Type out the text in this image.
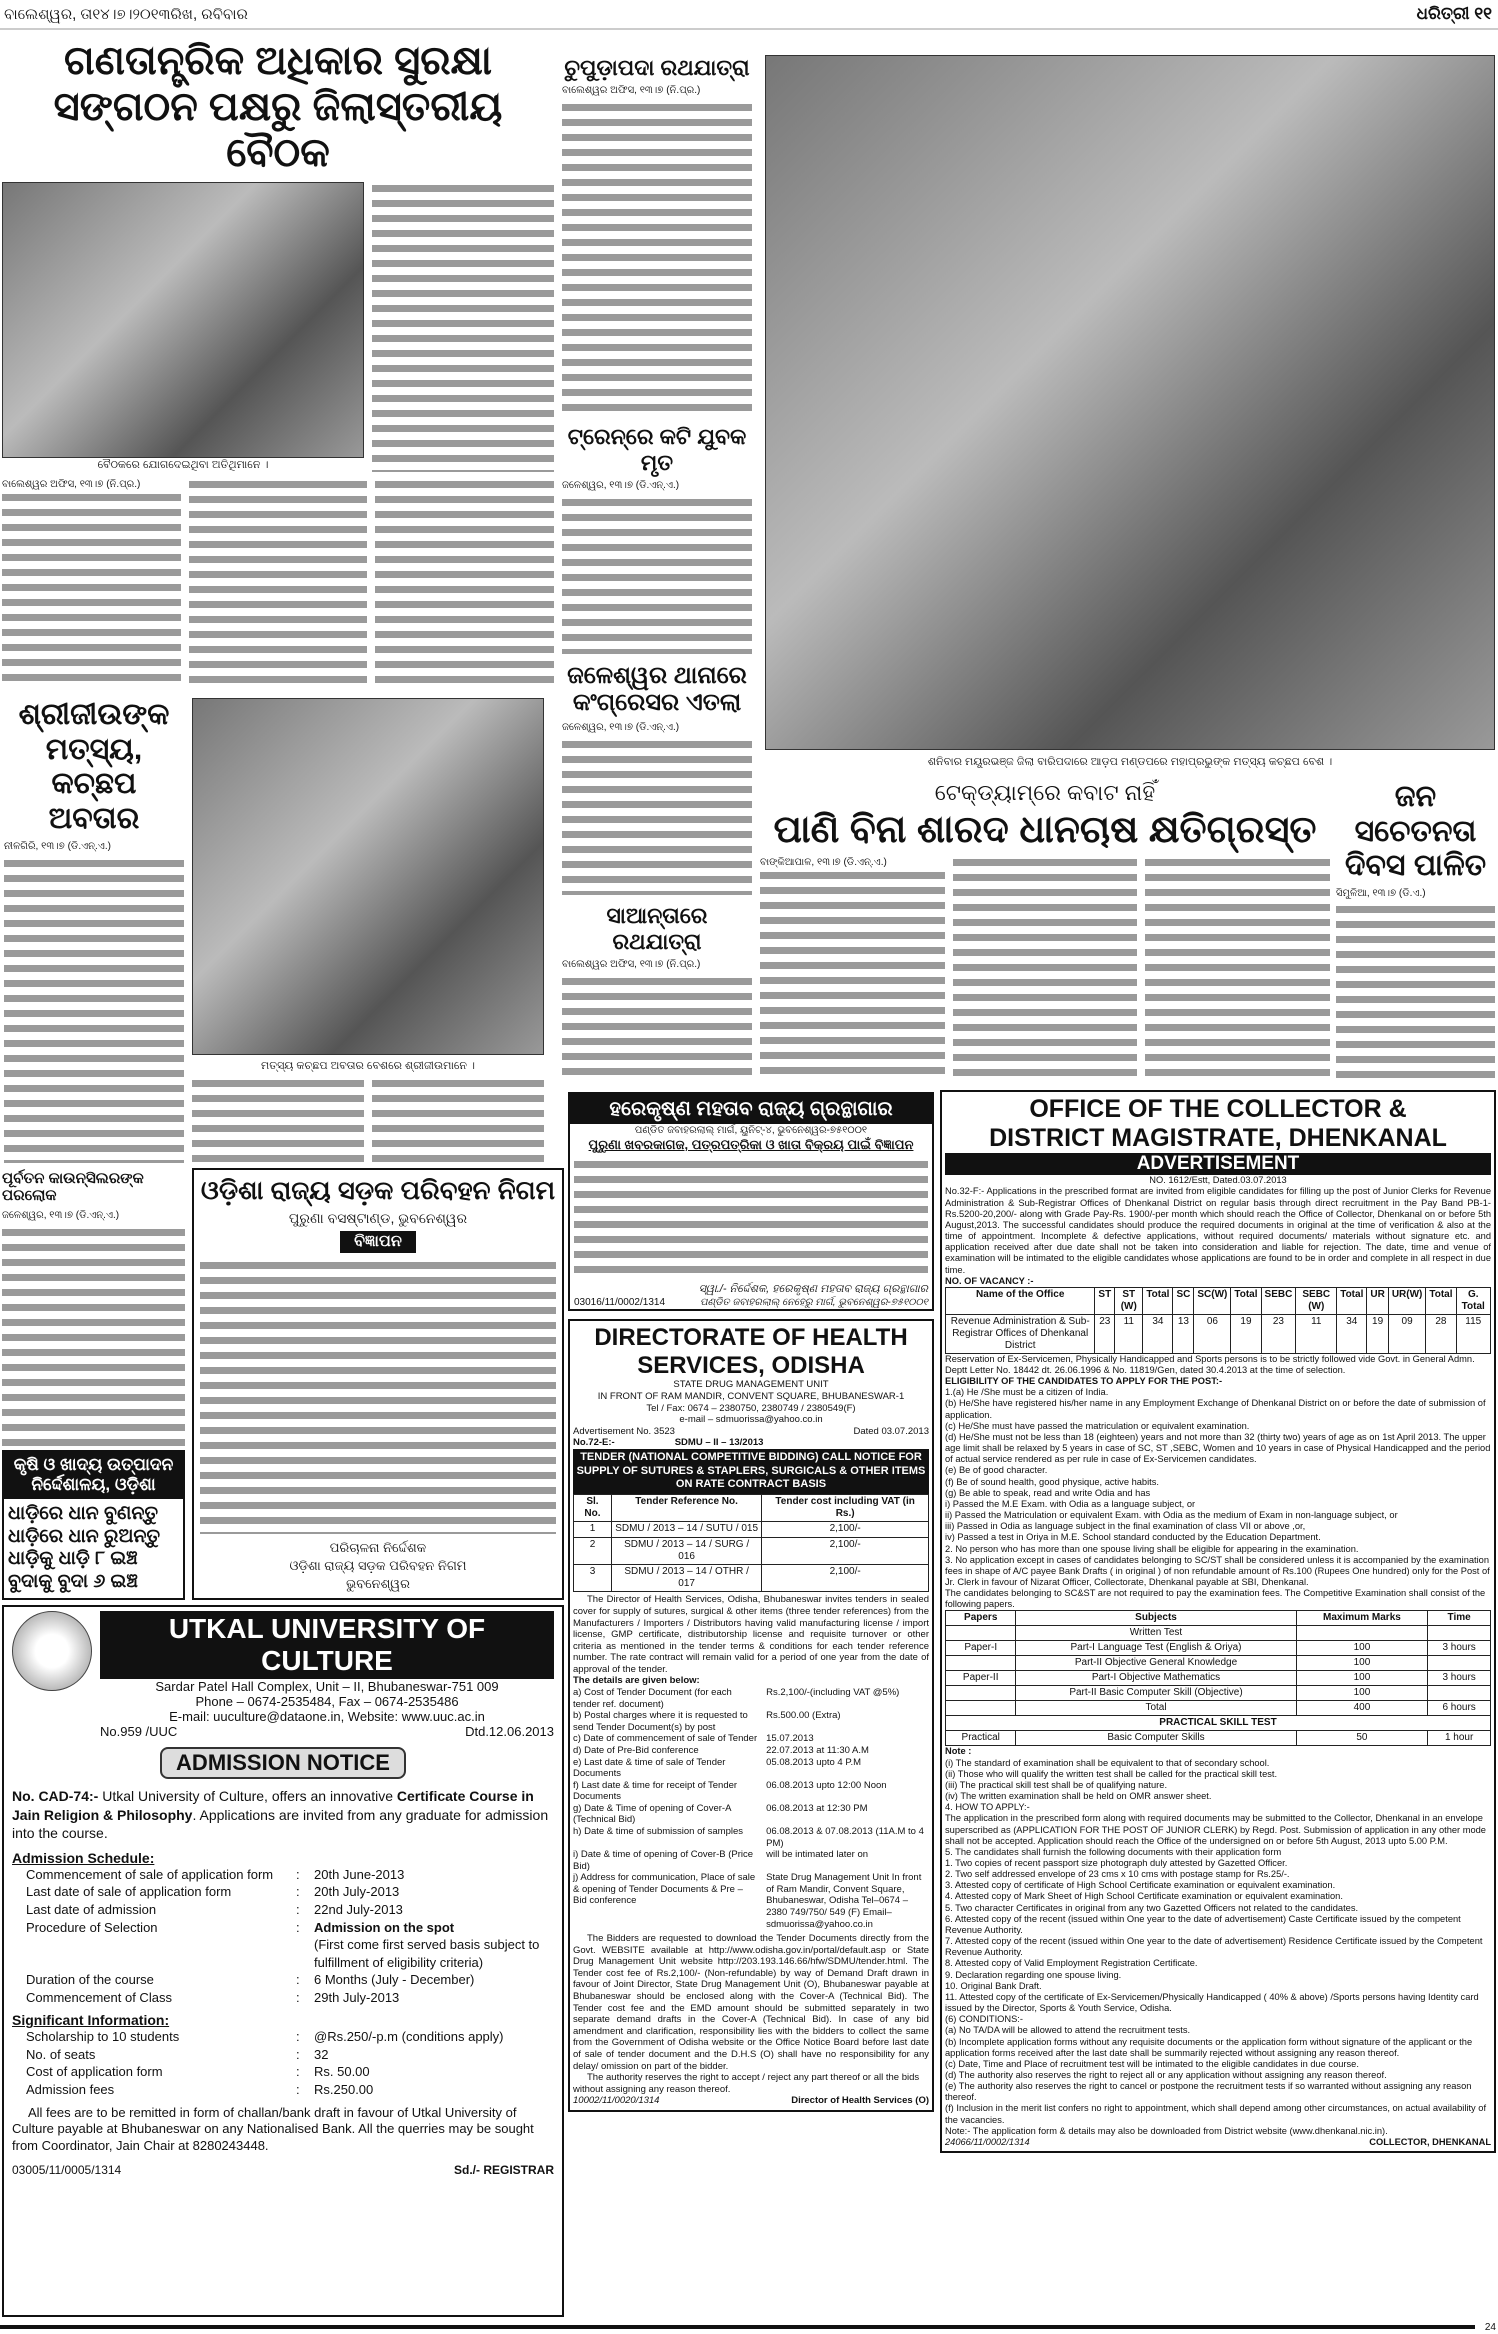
ବାଲେଶ୍ୱର, ତା୧୪।୭।୨୦୧୩ରିଖ, ରବିବାର	ଧରିତ୍ରୀ ୧୧
ଗଣତାନ୍ତ୍ରିକ ଅଧିକାର ସୁରକ୍ଷା ସଙ୍ଗଠନ ପକ୍ଷରୁ ଜିଲାସ୍ତରୀୟ ବୈଠକ
ବୈଠକରେ ଯୋଗଦେଇଥିବା ଅତିଥିମାନେ ।
ବାଲେଶ୍ୱର ଅଫିସ, ୧୩।୭ (ନି.ପ୍ର.)
ଶ୍ରୀଜୀଉଙ୍କ ମତ୍ସ୍ୟ, କଚ୍ଛପ ଅବତାର
ନୀଳଗିରି, ୧୩।୭ (ଡି.ଏନ୍.ଏ.)
ମତ୍ସ୍ୟ କଚ୍ଛପ ଅବତାର ବେଶରେ ଶ୍ରୀଜୀଉମାନେ ।
ଚୁପୁଡ଼ାପଦା ରଥଯାତ୍ରା
ବାଲେଶ୍ୱର ଅଫିସ, ୧୩।୭ (ନି.ପ୍ର.)
ଟ୍ରେନ୍‌ରେ କଟି ଯୁବକ ମୃତ
ଜଳେଶ୍ୱର, ୧୩।୭ (ଡି.ଏନ୍.ଏ.)
ଜଳେଶ୍ୱର ଥାନାରେ କଂଗ୍ରେସର ଏତଲା
ଜଳେଶ୍ୱର, ୧୩।୭ (ଡି.ଏନ୍.ଏ.)
ସାଆନ୍ତାରେ ରଥଯାତ୍ରା
ବାଲେଶ୍ୱର ଅଫିସ, ୧୩।୭ (ନି.ପ୍ର.)
ଶନିବାର ମୟୂରଭଞ୍ଜ ଜିଲା ବାରିପଦାରେ ଆଡ଼ପ ମଣ୍ଡପରେ ମହାପ୍ରଭୁଙ୍କ ମତ୍ସ୍ୟ କଚ୍ଛପ ବେଶ ।
ଟେକ୍‌ଡ୍ୟାମ୍‌ରେ କବାଟ ନାହିଁ
ପାଣି ବିନା ଶାରଦ ଧାନଚାଷ କ୍ଷତିଗ୍ରସ୍ତ
ବାଙ୍କିଆପାଳ, ୧୩।୭ (ଡି.ଏନ୍.ଏ.)
ଜନ ସଚେତନତା ଦିବସ ପାଳିତ
ସିମୁଳିଆ, ୧୩।୭ (ଡି.ଏ.)
ପୂର୍ବତନ କାଉନ୍‌ସିଲରଙ୍କ ପରଲୋକ
ଜଳେଶ୍ୱର, ୧୩।୭ (ଡି.ଏନ୍.ଏ.)
କୃଷି ଓ ଖାଦ୍ୟ ଉତ୍ପାଦନ ନିର୍ଦ୍ଦେଶାଳୟ, ଓଡ଼ିଶା
ଧାଡ଼ିରେ ଧାନ ବୁଣନ୍ତୁ ଧାଡ଼ିରେ ଧାନ ରୁଅନ୍ତୁ ଧାଡ଼ିକୁ ଧାଡ଼ି ୮ ଇଞ୍ଚ ବୁଦାକୁ ବୁଦା ୬ ଇଞ୍ଚ
ଓଡ଼ିଶା ରାଜ୍ୟ ସଡ଼କ ପରିବହନ ନିଗମ
ପୁରୁଣା ବସଷ୍ଟାଣ୍ଡ, ଭୁବନେଶ୍ୱର
ବିଜ୍ଞାପନ
ପରିଚାଳନା ନିର୍ଦ୍ଦେଶକ
ଓଡ଼ିଶା ରାଜ୍ୟ ସଡ଼କ ପରିବହନ ନିଗମ
ଭୁବନେଶ୍ୱର
UTKAL UNIVERSITY OF CULTURE
Sardar Patel Hall Complex, Unit – II, Bhubaneswar-751 009
Phone – 0674-2535484, Fax – 0674-2535486
E-mail: uuculture@dataone.in, Website: www.uuc.ac.in
No.959 /UUC	Dtd.12.06.2013
ADMISSION NOTICE
No. CAD-74:- Utkal University of Culture, offers an innovative Certificate Course in Jain Religion & Philosophy. Applications are invited from any graduate for admission into the course.
Admission Schedule:
Commencement of sale of application form	:	20th June-2013
Last date of sale of application form	:	20th July-2013
Last date of admission	:	22nd July-2013
Procedure of Selection	:	Admission on the spot
(First come first served basis subject to fulfillment of eligibility criteria)
Duration of the course	:	6 Months (July - December)
Commencement of Class	:	29th July-2013
Significant Information:
Scholarship to 10 students	:	@Rs.250/-p.m (conditions apply)
No. of seats	:	32
Cost of application form	:	Rs. 50.00
Admission fees	:	Rs.250.00
All fees are to be remitted in form of challan/bank draft in favour of Utkal University of Culture payable at Bhubaneswar on any Nationalised Bank. All the querries may be sought from Coordinator, Jain Chair at 8280243448.
03005/11/0005/1314	Sd./- REGISTRAR
ହରେକୃଷ୍ଣ ମହତାବ ରାଜ୍ୟ ଗ୍ରନ୍ଥାଗାର
ପଣ୍ଡିତ ଜବାହରଲାଲ୍ ମାର୍ଗ, ୟୁନିଟ୍-୪, ଭୁବନେଶ୍ୱର-୭୫୧୦୦୧
ପୁରୁଣା ଖବରକାଗଜ, ପତ୍ରପତ୍ରିକା ଓ ଖାତା ବିକ୍ରୟ ପାଇଁ ବିଜ୍ଞାପନ
ସ୍ୱା./- ନିର୍ଦ୍ଦେଶକ, ହରେକୃଷ୍ଣ ମହତାବ ରାଜ୍ୟ ଗ୍ରନ୍ଥାଗାର
03016/11/0002/1314	ପଣ୍ଡିତ ଜବାହରଲାଲ୍ ନେହେରୁ ମାର୍ଗ, ଭୁବନେଶ୍ୱର-୭୫୧୦୦୧
DIRECTORATE OF HEALTH SERVICES, ODISHA
STATE DRUG MANAGEMENT UNIT
IN FRONT OF RAM MANDIR, CONVENT SQUARE, BHUBANESWAR-1
Tel / Fax: 0674 – 2380750, 2380749 / 2380549(F)
e-mail – sdmuorissa@yahoo.co.in
Advertisement No. 3523	Dated 03.07.2013
No.72-E:-	SDMU – II – 13/2013
TENDER (NATIONAL COMPETITIVE BIDDING) CALL NOTICE FOR SUPPLY OF SUTURES & STAPLERS, SURGICALS & OTHER ITEMS ON RATE CONTRACT BASIS
Sl. No.	Tender Reference No.	Tender cost including VAT (in Rs.)
1	SDMU / 2013 – 14 / SUTU / 015	2,100/-
2	SDMU / 2013 – 14 / SURG / 016	2,100/-
3	SDMU / 2013 – 14 / OTHR / 017	2,100/-
The Director of Health Services, Odisha, Bhubaneswar invites tenders in sealed cover for supply of sutures, surgical & other items (three tender references) from the Manufacturers / Importers / Distributors having valid manufacturing license / import license, GMP certificate, distributorship license and requisite turnover or other criteria as mentioned in the tender terms & conditions for each tender reference number. The rate contract will remain valid for a period of one year from the date of approval of the tender.
The details are given below:
a) Cost of Tender Document (for each tender ref. document)
Rs.2,100/-(including VAT @5%)
b) Postal charges where it is requested to send Tender Document(s) by post
Rs.500.00 (Extra)
c) Date of commencement of sale of Tender 15.07.2013
d) Date of Pre-Bid conference	22.07.2013 at 11:30 A.M
e) Last date & time of sale of Tender Documents
05.08.2013 upto 4 P.M
f) Last date & time for receipt of Tender Documents
06.08.2013 upto 12:00 Noon
g) Date & Time of opening of Cover-A (Technical Bid)
06.08.2013 at 12:30 PM
h) Date & time of submission of samples	06.08.2013 & 07.08.2013 (11A.M to 4 PM)
i) Date & time of opening of Cover-B (Price Bid)
will be intimated later on
j) Address for communication, Place of sale & opening of Tender Documents & Pre – Bid conference
State Drug Management Unit In front of Ram Mandir, Convent Square, Bhubaneswar, Odisha Tel–0674 – 2380 749/750/ 549 (F) Email– sdmuorissa@yahoo.co.in
The Bidders are requested to download the Tender Documents directly from the Govt. WEBSITE available at http://www.odisha.gov.in/portal/default.asp or State Drug Management Unit website http://203.193.146.66/hfw/SDMU/tender.html. The Tender cost fee of Rs.2,100/- (Non-refundable) by way of Demand Draft drawn in favour of Joint Director, State Drug Management Unit (O), Bhubaneswar payable at Bhubaneswar should be enclosed along with the Cover-A (Technical Bid). The Tender cost fee and the EMD amount should be submitted separately in two separate demand drafts in the Cover-A (Technical Bid). In case of any bid amendment and clarification, responsibility lies with the bidders to collect the same from the Government of Odisha website or the Office Notice Board before last date of sale of tender document and the D.H.S (O) shall have no responsibility for any delay/ omission on part of the bidder.
The authority reserves the right to accept / reject any part thereof or all the bids without assigning any reason thereof.
10002/11/0020/1314	Director of Health Services (O)
OFFICE OF THE COLLECTOR &
DISTRICT MAGISTRATE, DHENKANAL
ADVERTISEMENT
NO. 1612/Estt, Dated.03.07.2013
No.32-F:- Applications in the prescribed format are invited from eligible candidates for filling up the post of Junior Clerks for Revenue Administration & Sub-Registrar Offices of Dhenkanal District on regular basis through direct recruitment in the Pay Band PB-1-Rs.5200-20,200/- along with Grade Pay-Rs. 1900/-per month which should reach the Office of Collector, Dhenkanal on or before 5th August,2013. The successful candidates should produce the required documents in original at the time of verification & also at the time of appointment. Incomplete & defective applications, without required documents/ materials without signature etc. and application received after due date shall not be taken into consideration and liable for rejection. The date, time and venue of examination will be intimated to the eligible candidates whose applications are found to be in order and complete in all respect in due time.
NO. OF VACANCY :-
Name of the Office	ST	ST (W)	Total	SC	SC(W)	Total	SEBC	SEBC (W)	Total	UR	UR(W)	Total	G. Total
Revenue Administration & Sub-Registrar Offices of Dhenkanal District	23	11	34	13	06	19	23	11	34	19	09	28	115
Reservation of Ex-Servicemen, Physically Handicapped and Sports persons is to be strictly followed vide Govt. in General Admn. Deptt Letter No. 18442 dt. 26.06.1996 & No. 11819/Gen, dated 30.4.2013 at the time of selection.
ELIGIBILITY OF THE CANDIDATES TO APPLY FOR THE POST:-
1.(a) He /She must be a citizen of India.
(b) He/She have registered his/her name in any Employment Exchange of Dhenkanal District on or before the date of submission of application.
(c) He/She must have passed the matriculation or equivalent examination.
(d) He/She must not be less than 18 (eighteen) years and not more than 32 (thirty two) years of age as on 1st April 2013. The upper age limit shall be relaxed by 5 years in case of SC, ST ,SEBC, Women and 10 years in case of Physical Handicapped and the period of actual service rendered as per rule in case of Ex-Servicemen candidates.
(e) Be of good character.
(f) Be of sound health, good physique, active habits.
(g) Be able to speak, read and write Odia and has
i) Passed the M.E Exam. with Odia as a language subject, or
ii) Passed the Matriculation or equivalent Exam. with Odia as the medium of Exam in non-language subject, or
iii) Passed in Odia as language subject in the final examination of class VII or above ,or,
iv) Passed a test in Oriya in M.E. School standard conducted by the Education Department.
2. No person who has more than one spouse living shall be eligible for appearing in the examination.
3. No application except in cases of candidates belonging to SC/ST shall be considered unless it is accompanied by the examination fees in shape of A/C payee Bank Drafts ( in original ) of non refundable amount of Rs.100 (Rupees One hundred) only for the Post of Jr. Clerk in favour of Nizarat Officer, Collectorate, Dhenkanal payable at SBI, Dhenkanal.
The candidates belonging to SC&ST are not required to pay the examination fees. The Competitive Examination shall consist of the following papers.
Papers	Subjects	Maximum Marks	Time
	Written Test		
Paper-I	Part-I Language Test (English & Oriya)	100	3 hours
	Part-II Objective General Knowledge	100	
Paper-II	Part-I Objective Mathematics	100	3 hours
	Part-II Basic Computer Skill (Objective)	100	
	Total	400	6 hours
PRACTICAL SKILL TEST			
Practical	Basic Computer Skills	50	1 hour
Note :
(i) The standard of examination shall be equivalent to that of secondary school.
(ii) Those who will qualify the written test shall be called for the practical skill test.
(iii) The practical skill test shall be of qualifying nature.
(iv) The written examination shall be held on OMR answer sheet.
4. HOW TO APPLY:-
The application in the prescribed form along with required documents may be submitted to the Collector, Dhenkanal in an envelope superscribed as (APPLICATION FOR THE POST OF JUNIOR CLERK) by Regd. Post. Submission of application in any other mode shall not be accepted. Application should reach the Office of the undersigned on or before 5th August, 2013 upto 5.00 P.M.
5. The candidates shall furnish the following documents with their application form
1. Two copies of recent passport size photograph duly attested by Gazetted Officer.
2. Two self addressed envelope of 23 cms x 10 cms with postage stamp for Rs.25/-.
3. Attested copy of certificate of High School Certificate examination or equivalent examination.
4. Attested copy of Mark Sheet of High School Certificate examination or equivalent examination.
5. Two character Certificates in original from any two Gazetted Officers not related to the candidates.
6. Attested copy of the recent (issued within One year to the date of advertisement) Caste Certificate issued by the competent Revenue Authority.
7. Attested copy of the recent (issued within One year to the date of advertisement) Residence Certificate issued by the Competent Revenue Authority.
8. Attested copy of Valid Employment Registration Certificate.
9. Declaration regarding one spouse living.
10. Original Bank Draft.
11. Attested copy of the certificate of Ex-Servicemen/Physically Handicapped ( 40% & above) /Sports persons having Identity card issued by the Director, Sports & Youth Service, Odisha.
(6) CONDITIONS:-
(a) No TA/DA will be allowed to attend the recruitment tests.
(b) Incomplete application forms without any requisite documents or the application form without signature of the applicant or the application forms received after the last date shall be summarily rejected without assigning any reason thereof.
(c) Date, Time and Place of recruitment test will be intimated to the eligible candidates in due course.
(d) The authority also reserves the right to reject all or any application without assigning any reason thereof.
(e) The authority also reserves the right to cancel or postpone the recruitment tests if so warranted without assigning any reason thereof.
(f) Inclusion in the merit list confers no right to appointment, which shall depend among other circumstances, on actual availability of the vacancies.
Note:- The application form & details may also be downloaded from District website (www.dhenkanal.nic.in).
24066/11/0002/1314	COLLECTOR, DHENKANAL
24
